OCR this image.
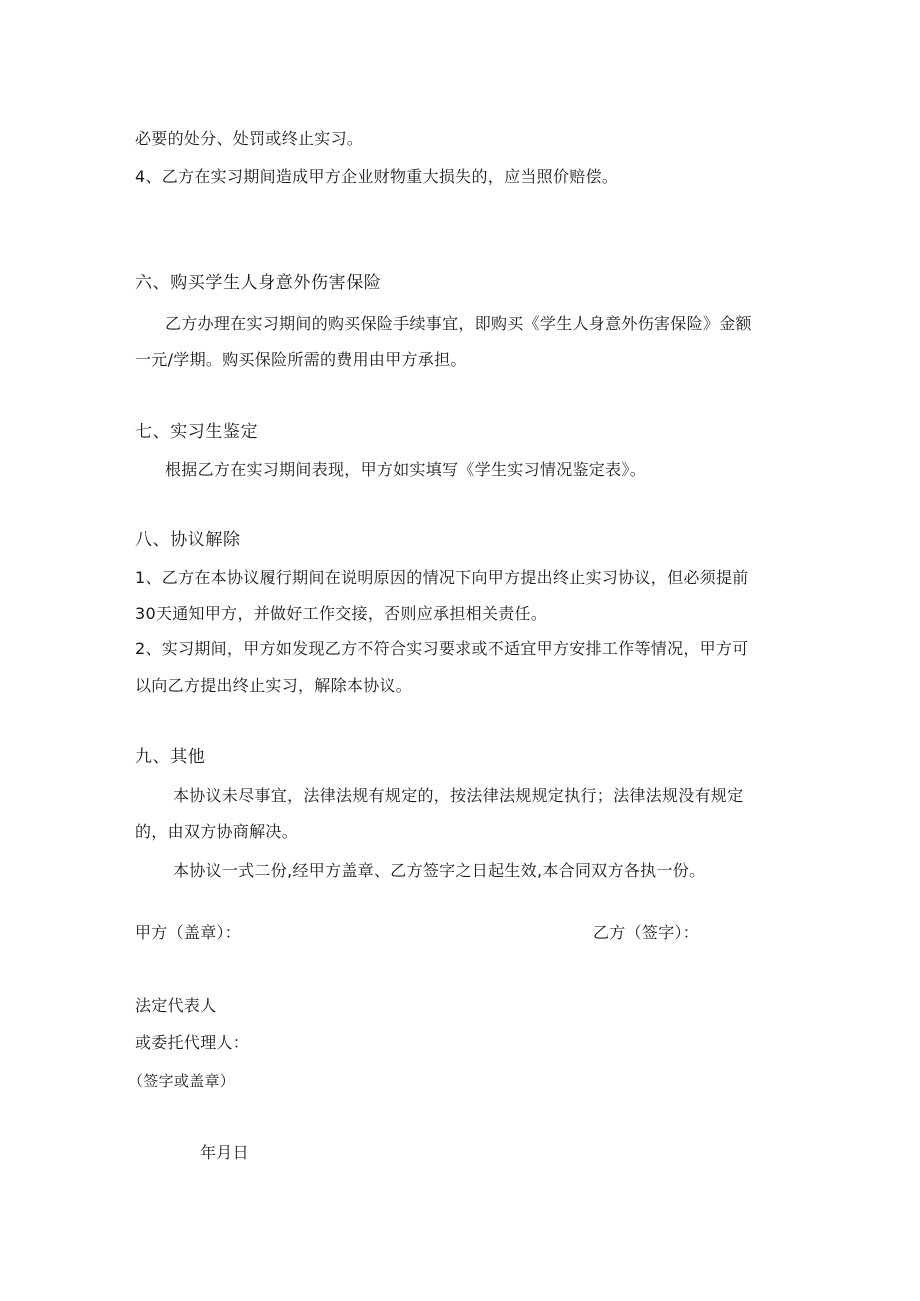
必要的处分、处罚或终止实习。
4、乙方在实习期间造成甲方企业财物重大损失的，应当照价赔偿。
六、购买学生人身意外伤害保险
乙方办理在实习期间的购买保险手续事宜，即购买《学生人身意外伤害保险》金额
一元/学期。购买保险所需的费用由甲方承担。
七、实习生鉴定
根据乙方在实习期间表现，甲方如实填写《学生实习情况鉴定表》。
八、协议解除
1、乙方在本协议履行期间在说明原因的情况下向甲方提出终止实习协议，但必须提前
30天通知甲方，并做好工作交接，否则应承担相关责任。
2、实习期间，甲方如发现乙方不符合实习要求或不适宜甲方安排工作等情况，甲方可
以向乙方提出终止实习，解除本协议。
九、其他
本协议未尽事宜，法律法规有规定的，按法律法规规定执行；法律法规没有规定
的，由双方协商解决。
本协议一式二份,经甲方盖章、乙方签字之日起生效,本合同双方各执一份。
甲方（盖章）：	乙方（签字）：
法定代表人
或委托代理人：
（签字或盖章）
年月日
